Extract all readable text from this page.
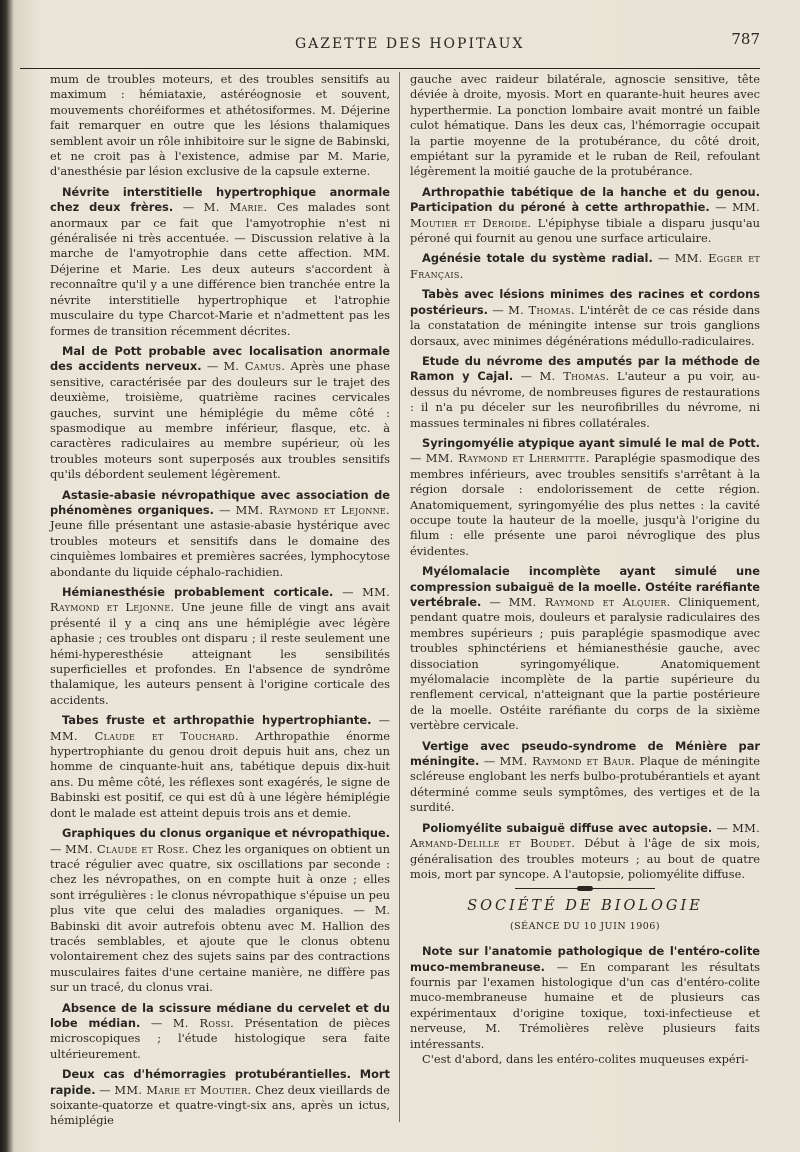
GAZETTE DES HOPITAUX	787

mum de troubles moteurs, et des troubles sensitifs au maximum : hémiataxie, astéréognosie et souvent, mouvements choréiformes et athétosiformes. M. Déjerine fait remarquer en outre que les lésions thalamiques semblent avoir un rôle inhibitoire sur le signe de Babinski, et ne croit pas à l'existence, admise par M. Marie, d'anesthésie par lésion exclusive de la capsule externe.

Névrite interstitielle hypertrophique anormale chez deux frères. — M. Marie. Ces malades sont anormaux par ce fait que l'amyotrophie n'est ni généralisée ni très accentuée. — Discussion relative à la marche de l'amyotrophie dans cette affection. MM. Déjerine et Marie. Les deux auteurs s'accordent à reconnaître qu'il y a une différence bien tranchée entre la névrite interstitielle hypertrophique et l'atrophie musculaire du type Charcot-Marie et n'admettent pas les formes de transition récemment décrites.

Mal de Pott probable avec localisation anormale des accidents nerveux. — M. Camus. Après une phase sensitive, caractérisée par des douleurs sur le trajet des deuxième, troisième, quatrième racines cervicales gauches, survint une hémiplégie du même côté : spasmodique au membre inférieur, flasque, etc. à caractères radiculaires au membre supérieur, où les troubles moteurs sont superposés aux troubles sensitifs qu'ils débordent seulement légèrement.

Astasie-abasie névropathique avec association de phénomènes organiques. — MM. Raymond et Lejonne. Jeune fille présentant une astasie-abasie hystérique avec troubles moteurs et sensitifs dans le domaine des cinquièmes lombaires et premières sacrées, lymphocytose abondante du liquide céphalo-rachidien.

Hémianesthésie probablement corticale. — MM. Raymond et Lejonne. Une jeune fille de vingt ans avait présenté il y a cinq ans une hémiplégie avec légère aphasie ; ces troubles ont disparu ; il reste seulement une hémi-hyperesthésie atteignant les sensibilités superficielles et profondes. En l'absence de syndrôme thalamique, les auteurs pensent à l'origine corticale des accidents.

Tabes fruste et arthropathie hypertrophiante. — MM. Claude et Touchard. Arthropathie énorme hypertrophiante du genou droit depuis huit ans, chez un homme de cinquante-huit ans, tabétique depuis dix-huit ans. Du même côté, les réflexes sont exagérés, le signe de Babinski est positif, ce qui est dû à une légère hémiplégie dont le malade est atteint depuis trois ans et demie.

Graphiques du clonus organique et névropathique. — MM. Claude et Rose. Chez les organiques on obtient un tracé régulier avec quatre, six oscillations par seconde : chez les névropathes, on en compte huit à onze ; elles sont irrégulières : le clonus névropathique s'épuise un peu plus vite que celui des maladies organiques. — M. Babinski dit avoir autrefois obtenu avec M. Hallion des tracés semblables, et ajoute que le clonus obtenu volontairement chez des sujets sains par des contractions musculaires faites d'une certaine manière, ne diffère pas sur un tracé, du clonus vrai.

Absence de la scissure médiane du cervelet et du lobe médian. — M. Rossi. Présentation de pièces microscopiques ; l'étude histologique sera faite ultérieurement.

Deux cas d'hémorragies protubérantielles. Mort rapide. — MM. Marie et Moutier. Chez deux vieillards de soixante-quatorze et quatre-vingt-six ans, après un ictus, hémiplégie

gauche avec raideur bilatérale, agnoscie sensitive, tête déviée à droite, myosis. Mort en quarante-huit heures avec hyperthermie. La ponction lombaire avait montré un faible culot hématique. Dans les deux cas, l'hémorragie occupait la partie moyenne de la protubérance, du côté droit, empiétant sur la pyramide et le ruban de Reil, refoulant légèrement la moitié gauche de la protubérance.

Arthropathie tabétique de la hanche et du genou. Participation du péroné à cette arthropathie. — MM. Moutier et Deroide. L'épiphyse tibiale a disparu jusqu'au péroné qui fournit au genou une surface articulaire.

Agénésie totale du système radial. — MM. Egger et Français.

Tabès avec lésions minimes des racines et cordons postérieurs. — M. Thomas. L'intérêt de ce cas réside dans la constatation de méningite intense sur trois ganglions dorsaux, avec minimes dégénérations médullo-radiculaires.

Etude du névrome des amputés par la méthode de Ramon y Cajal. — M. Thomas. L'auteur a pu voir, au-dessus du névrome, de nombreuses figures de restaurations : il n'a pu déceler sur les neurofibrilles du névrome, ni massues terminales ni fibres collatérales.

Syringomyélie atypique ayant simulé le mal de Pott. — MM. Raymond et Lhermitte. Paraplégie spasmodique des membres inférieurs, avec troubles sensitifs s'arrêtant à la région dorsale : endolorissement de cette région. Anatomiquement, syringomyélie des plus nettes : la cavité occupe toute la hauteur de la moelle, jusqu'à l'origine du filum : elle présente une paroi névroglique des plus évidentes.

Myélomalacie incomplète ayant simulé une compression subaiguë de la moelle. Ostéite raréfiante vertébrale. — MM. Raymond et Alquier. Cliniquement, pendant quatre mois, douleurs et paralysie radiculaires des membres supérieurs ; puis paraplégie spasmodique avec troubles sphinctériens et hémianesthésie gauche, avec dissociation syringomyélique. Anatomiquement myélomalacie incomplète de la partie supérieure du renflement cervical, n'atteignant que la partie postérieure de la moelle. Ostéite raréfiante du corps de la sixième vertèbre cervicale.

Vertige avec pseudo-syndrome de Ménière par méningite. — MM. Raymond et Baur. Plaque de méningite scléreuse englobant les nerfs bulbo-protubérantiels et ayant déterminé comme seuls symptômes, des vertiges et de la surdité.

Poliomyélite subaiguë diffuse avec autopsie. — MM. Armand-Delille et Boudet. Début à l'âge de six mois, généralisation des troubles moteurs ; au bout de quatre mois, mort par syncope. A l'autopsie, poliomyélite diffuse.

SOCIÉTÉ DE BIOLOGIE
(SÉANCE DU 10 JUIN 1906)

Note sur l'anatomie pathologique de l'entéro-colite muco-membraneuse. — En comparant les résultats fournis par l'examen histologique d'un cas d'entéro-colite muco-membraneuse humaine et de plusieurs cas expérimentaux d'origine toxique, toxi-infectieuse et nerveuse, M. Trémolières relève plusieurs faits intéressants.

C'est d'abord, dans les entéro-colites muqueuses expéri-
